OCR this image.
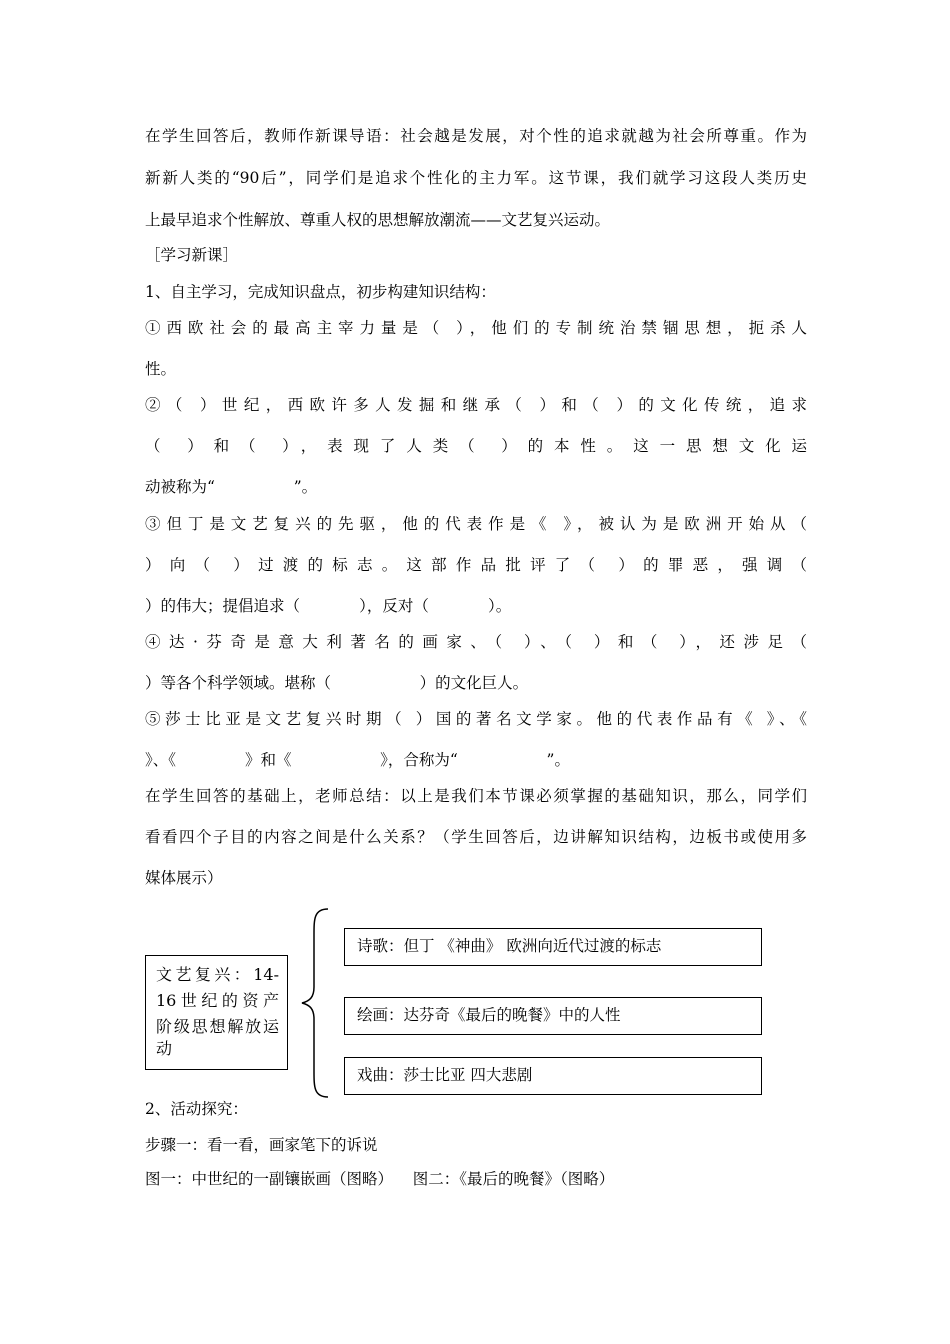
在学生回答后，教师作新课导语：社会越是发展，对个性的追求就越为社会所尊重。作为
新新人类的“90后”，同学们是追求个性化的主力军。这节课，我们就学习这段人类历史
上最早追求个性解放、尊重人权的思想解放潮流——文艺复兴运动。
［学习新课］
1、自主学习，完成知识盘点，初步构建知识结构：
①西欧社会的最高主宰力量是（ ），他们的专制统治禁锢思想，扼杀人
性。
②（ ）世纪，西欧许多人发掘和继承（ ）和（ ）的文化传统，追求
（ ）和（ ），表现了人类（ ）的本性。这一思想文化运
动被称为“                ”。
③但丁是文艺复兴的先驱，他的代表作是《 》，被认为是欧洲开始从（
）向（ ）过渡的标志。这部作品批评了（ ）的罪恶，强调（
）的伟大；提倡追求（            ），反对（            ）。
④达·芬奇是意大利著名的画家、（ ）、（ ）和（ ），还涉足（
）等各个科学领域。堪称（                  ）的文化巨人。
⑤莎士比亚是文艺复兴时期（ ）国的著名文学家。他的代表作品有《 》、《
》、《              》和《                  》，合称为“                  ”。
在学生回答的基础上，老师总结：以上是我们本节课必须掌握的基础知识，那么，同学们
看看四个子目的内容之间是什么关系？（学生回答后，边讲解知识结构，边板书或使用多
媒体展示）
文艺复兴：14-
16世纪的资产
阶级思想解放运
动
诗歌：但丁 《神曲》 欧洲向近代过渡的标志
绘画：达芬奇《最后的晚餐》中的人性
戏曲：莎士比亚 四大悲剧
2、活动探究：
步骤一：看一看，画家笔下的诉说
图一：中世纪的一副镶嵌画（图略）    图二：《最后的晚餐》（图略）
